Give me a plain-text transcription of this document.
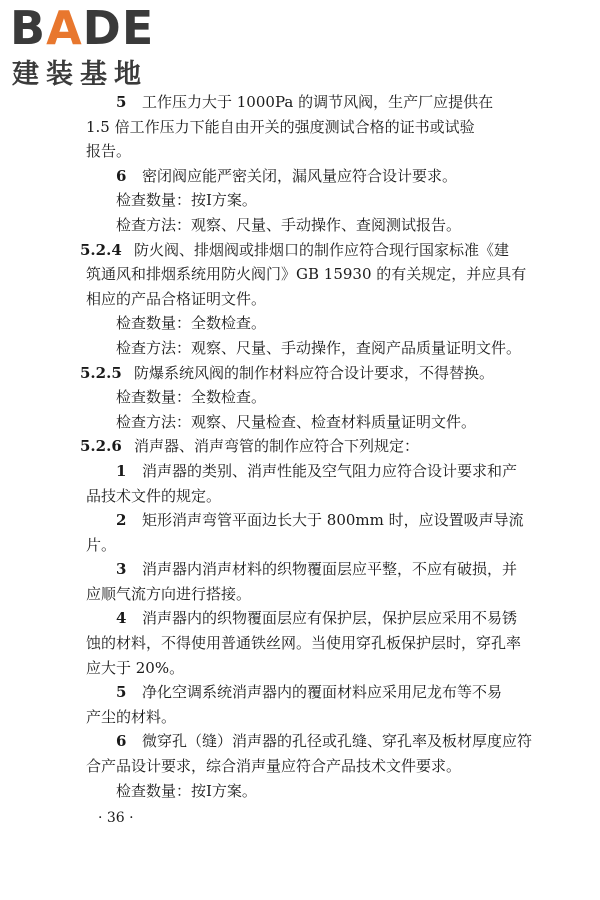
BADE
建装基地
5 工作压力大于 1000Pa 的调节风阀，生产厂应提供在
1.5 倍工作压力下能自由开关的强度测试合格的证书或试验
报告。
6 密闭阀应能严密关闭，漏风量应符合设计要求。
检查数量：按Ⅰ方案。
检查方法：观察、尺量、手动操作、查阅测试报告。
5.2.4 防火阀、排烟阀或排烟口的制作应符合现行国家标准《建
筑通风和排烟系统用防火阀门》GB 15930 的有关规定，并应具有
相应的产品合格证明文件。
检查数量：全数检查。
检查方法：观察、尺量、手动操作，查阅产品质量证明文件。
5.2.5 防爆系统风阀的制作材料应符合设计要求，不得替换。
检查数量：全数检查。
检查方法：观察、尺量检查、检查材料质量证明文件。
5.2.6 消声器、消声弯管的制作应符合下列规定：
1 消声器的类别、消声性能及空气阻力应符合设计要求和产
品技术文件的规定。
2 矩形消声弯管平面边长大于 800mm 时，应设置吸声导流
片。
3 消声器内消声材料的织物覆面层应平整，不应有破损，并
应顺气流方向进行搭接。
4 消声器内的织物覆面层应有保护层，保护层应采用不易锈
蚀的材料，不得使用普通铁丝网。当使用穿孔板保护层时，穿孔率
应大于 20%。
5 净化空调系统消声器内的覆面材料应采用尼龙布等不易
产尘的材料。
6 微穿孔（缝）消声器的孔径或孔缝、穿孔率及板材厚度应符
合产品设计要求，综合消声量应符合产品技术文件要求。
检查数量：按Ⅰ方案。
· 36 ·
